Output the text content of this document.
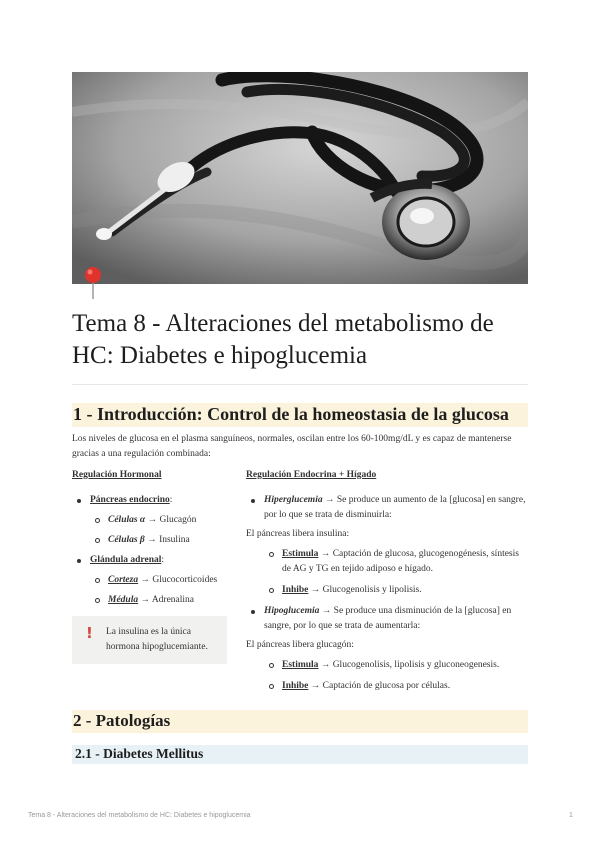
Tema 8 - Alteraciones del metabolismo de HC: Diabetes e hipoglucemia
1 - Introducción: Control de la homeostasia de la glucosa

Los niveles de glucosa en el plasma sanguíneos, normales, oscilan entre los 60-100mg/dL y es capaz de mantenerse gracias a una regulación combinada:

Regulación Hormonal
Páncreas endocrino:
Células α → Glucagón
Células β → Insulina
Glándula adrenal:
Corteza → Glucocorticoides
Médula → Adrenalina
! La insulina es la única hormona hipoglucemiante.
Regulación Endocrina + Hígado
Hiperglucemia → Se produce un aumento de la [glucosa] en sangre, por lo que se trata de disminuirla:
El páncreas libera insulina:
Estimula → Captación de glucosa, glucogenogénesis, síntesis de AG y TG en tejido adiposo e hígado.
Inhibe → Glucogenolisis y lipolisis.
Hipoglucemia → Se produce una disminución de la [glucosa] en sangre, por lo que se trata de aumentarla:
El páncreas libera glucagón:
Estimula → Glucogenolisis, lipolisis y gluconeogenesis.
Inhibe → Captación de glucosa por células.
2 - Patologías
2.1 - Diabetes Mellitus
Tema 8 - Alteraciones del metabolismo de HC: Diabetes e hipoglucemia	1
